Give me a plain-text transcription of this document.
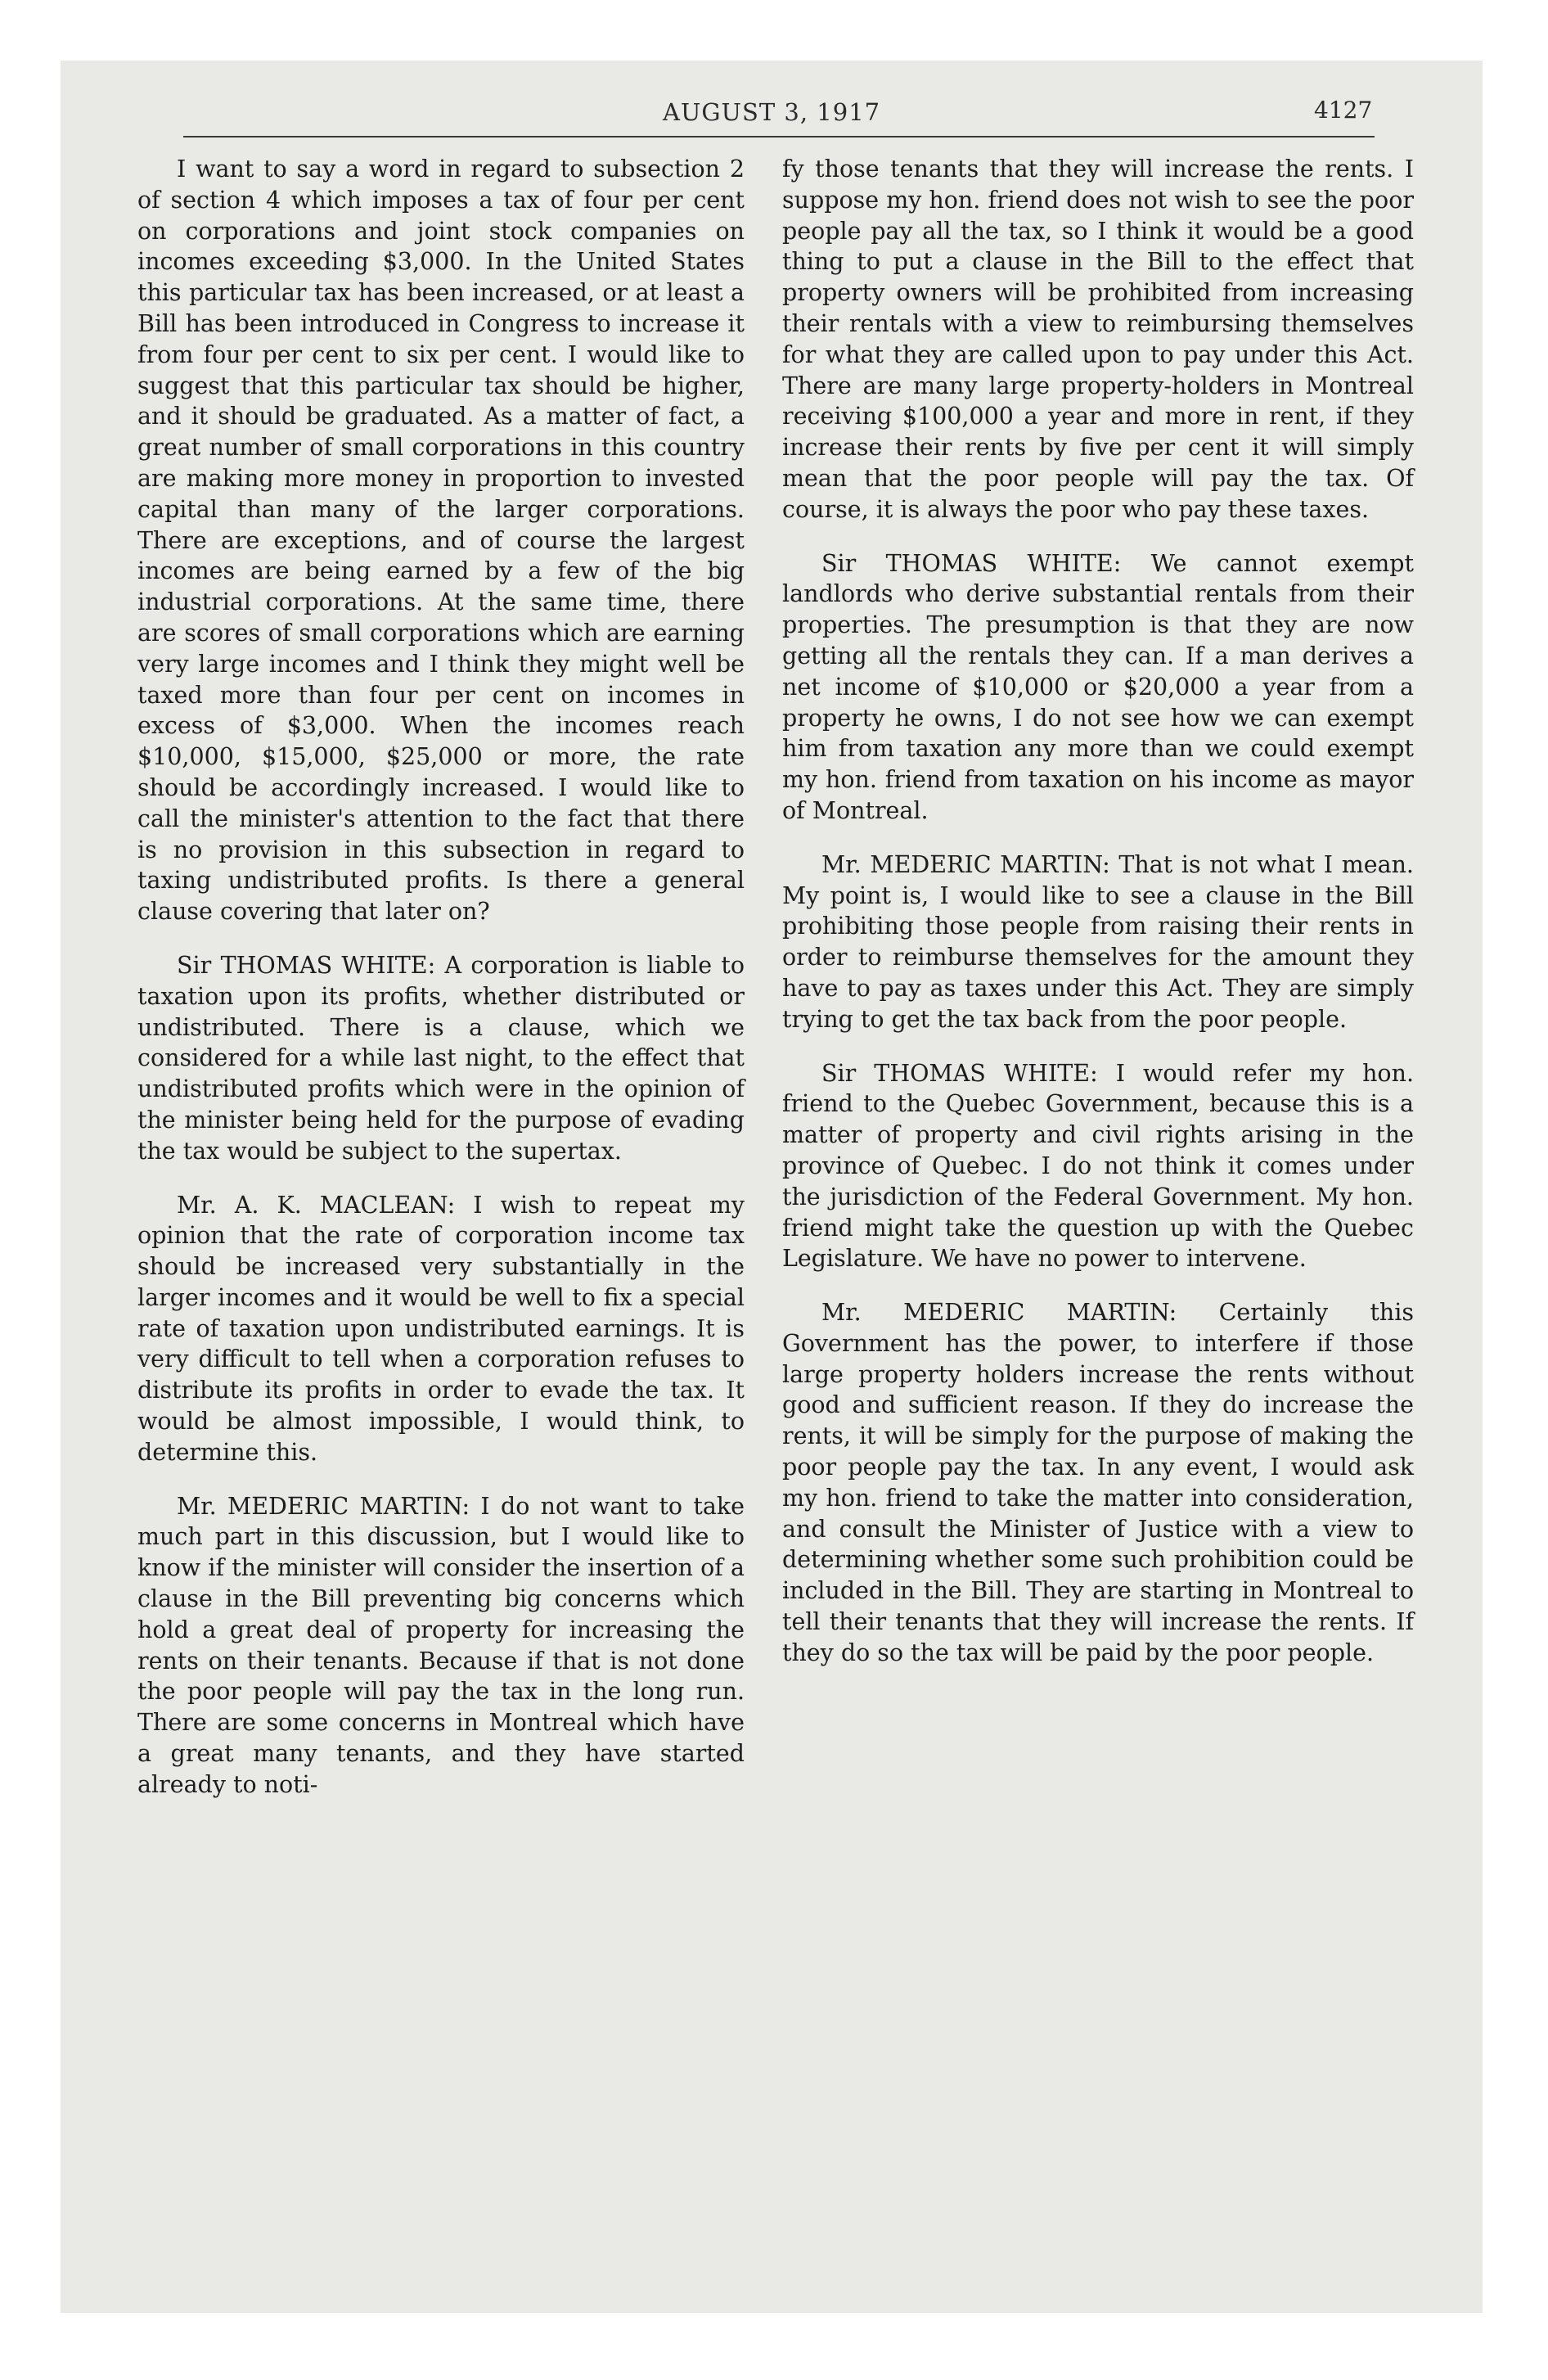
AUGUST 3, 1917	4127

I want to say a word in regard to subsection 2 of section 4 which imposes a tax of four per cent on corporations and joint stock companies on incomes exceeding $3,000. In the United States this particular tax has been increased, or at least a Bill has been introduced in Congress to increase it from four per cent to six per cent. I would like to suggest that this particular tax should be higher, and it should be graduated. As a matter of fact, a great number of small corporations in this country are making more money in proportion to invested capital than many of the larger corporations. There are exceptions, and of course the largest incomes are being earned by a few of the big industrial corporations. At the same time, there are scores of small corporations which are earning very large incomes and I think they might well be taxed more than four per cent on incomes in excess of $3,000. When the incomes reach $10,000, $15,000, $25,000 or more, the rate should be accordingly increased. I would like to call the minister's attention to the fact that there is no provision in this subsection in regard to taxing undistributed profits. Is there a general clause covering that later on?

Sir THOMAS WHITE: A corporation is liable to taxation upon its profits, whether distributed or undistributed. There is a clause, which we considered for a while last night, to the effect that undistributed profits which were in the opinion of the minister being held for the purpose of evading the tax would be subject to the supertax.

Mr. A. K. MACLEAN: I wish to repeat my opinion that the rate of corporation income tax should be increased very substantially in the larger incomes and it would be well to fix a special rate of taxation upon undistributed earnings. It is very difficult to tell when a corporation refuses to distribute its profits in order to evade the tax. It would be almost impossible, I would think, to determine this.

Mr. MEDERIC MARTIN: I do not want to take much part in this discussion, but I would like to know if the minister will consider the insertion of a clause in the Bill preventing big concerns which hold a great deal of property for increasing the rents on their tenants. Because if that is not done the poor people will pay the tax in the long run. There are some concerns in Montreal which have a great many tenants, and they have started already to noti-

fy those tenants that they will increase the rents. I suppose my hon. friend does not wish to see the poor people pay all the tax, so I think it would be a good thing to put a clause in the Bill to the effect that property owners will be prohibited from increasing their rentals with a view to reimbursing themselves for what they are called upon to pay under this Act. There are many large property-holders in Montreal receiving $100,000 a year and more in rent, if they increase their rents by five per cent it will simply mean that the poor people will pay the tax. Of course, it is always the poor who pay these taxes.

Sir THOMAS WHITE: We cannot exempt landlords who derive substantial rentals from their properties. The presumption is that they are now getting all the rentals they can. If a man derives a net income of $10,000 or $20,000 a year from a property he owns, I do not see how we can exempt him from taxation any more than we could exempt my hon. friend from taxation on his income as mayor of Montreal.

Mr. MEDERIC MARTIN: That is not what I mean. My point is, I would like to see a clause in the Bill prohibiting those people from raising their rents in order to reimburse themselves for the amount they have to pay as taxes under this Act. They are simply trying to get the tax back from the poor people.

Sir THOMAS WHITE: I would refer my hon. friend to the Quebec Government, because this is a matter of property and civil rights arising in the province of Quebec. I do not think it comes under the jurisdiction of the Federal Government. My hon. friend might take the question up with the Quebec Legislature. We have no power to intervene.

Mr. MEDERIC MARTIN: Certainly this Government has the power, to interfere if those large property holders increase the rents without good and sufficient reason. If they do increase the rents, it will be simply for the purpose of making the poor people pay the tax. In any event, I would ask my hon. friend to take the matter into consideration, and consult the Minister of Justice with a view to determining whether some such prohibition could be included in the Bill. They are starting in Montreal to tell their tenants that they will increase the rents. If they do so the tax will be paid by the poor people.
